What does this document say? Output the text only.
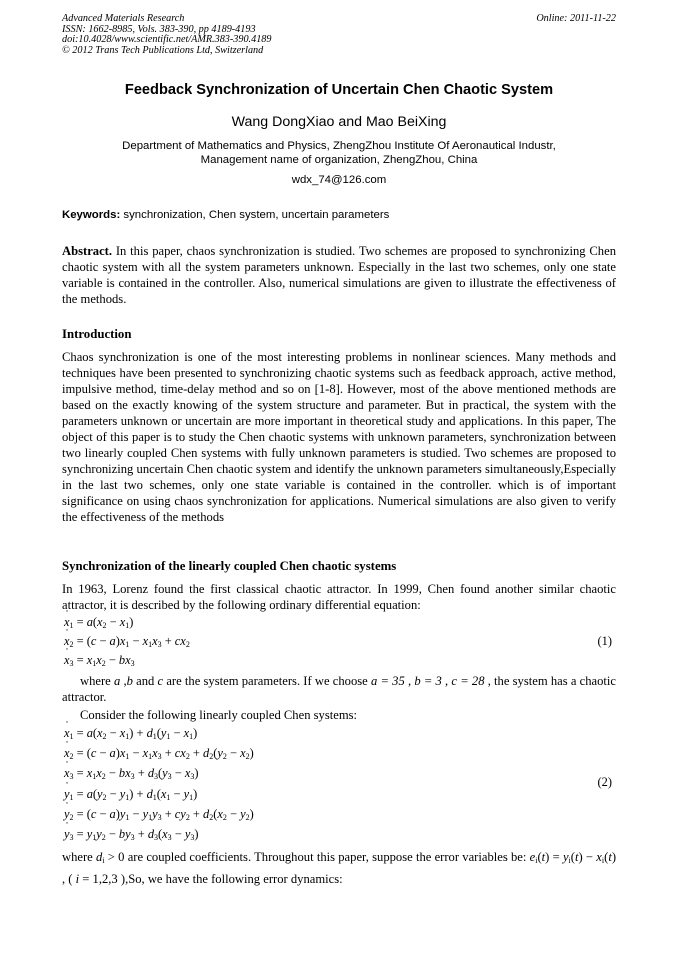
Advanced Materials Research
ISSN: 1662-8985, Vols. 383-390, pp 4189-4193
doi:10.4028/www.scientific.net/AMR.383-390.4189
© 2012 Trans Tech Publications Ltd, Switzerland
Online: 2011-11-22
Feedback Synchronization of Uncertain Chen Chaotic System
Wang DongXiao and Mao BeiXing
Department of Mathematics and Physics, ZhengZhou Institute Of Aeronautical Industr,
Management name of organization, ZhengZhou, China
wdx_74@126.com
Keywords: synchronization, Chen system, uncertain parameters
Abstract. In this paper, chaos synchronization is studied. Two schemes are proposed to synchronizing Chen chaotic system with all the system parameters unknown. Especially in the last two schemes, only one state variable is contained in the controller. Also, numerical simulations are given to illustrate the effectiveness of the methods.
Introduction
Chaos synchronization is one of the most interesting problems in nonlinear sciences. Many methods and techniques have been presented to synchronizing chaotic systems such as feedback approach, active method, impulsive method, time-delay method and so on [1-8]. However, most of the above mentioned methods are based on the exactly knowing of the system structure and parameter. But in practical, the system with the parameters unknown or uncertain are more important in theoretical study and applications. In this paper, The object of this paper is to study the Chen chaotic systems with unknown parameters, synchronization between two linearly coupled Chen systems with fully unknown parameters is studied. Two schemes are proposed to synchronizing uncertain Chen chaotic system and identify the unknown parameters simultaneously,Especially in the last two schemes, only one state variable is contained in the controller. which is of important significance on using chaos synchronization for applications. Numerical simulations are also given to verify the effectiveness of the methods
Synchronization of the linearly coupled Chen chaotic systems
In 1963, Lorenz found the first classical chaotic attractor. In 1999, Chen found another similar chaotic attractor, it is described by the following ordinary differential equation:
˙ $x_1 = a(x_2 - x_1)$
˙ $x_2 = (c - a)x_1 - x_1x_3 + cx_2$
˙ $x_3 = x_1x_2 - bx_3$
(1)
where a ,b and c are the system parameters. If we choose a = 35 , b = 3 , c = 28 , the system has a chaotic attractor.
Consider the following linearly coupled Chen systems:
˙ $x_1 = a(x_2 - x_1) + d_1(y_1 - x_1)$
˙ $x_2 = (c - a)x_1 - x_1x_3 + cx_2 + d_2(y_2 - x_2)$
˙ $x_3 = x_1x_2 - bx_3 + d_3(y_3 - x_3)$
˙ $y_1 = a(y_2 - y_1) + d_1(x_1 - y_1)$
˙ $y_2 = (c - a)y_1 - y_1y_3 + cy_2 + d_2(x_2 - y_2)$
˙ $y_3 = y_1y_2 - by_3 + d_3(x_3 - y_3)$
(2)
where $d_i > 0$ are coupled coefficients. Throughout this paper, suppose the error variables be: $e_i(t) = y_i(t) - x_i(t)$ , ( i = 1,2,3 ),So, we have the following error dynamics:
